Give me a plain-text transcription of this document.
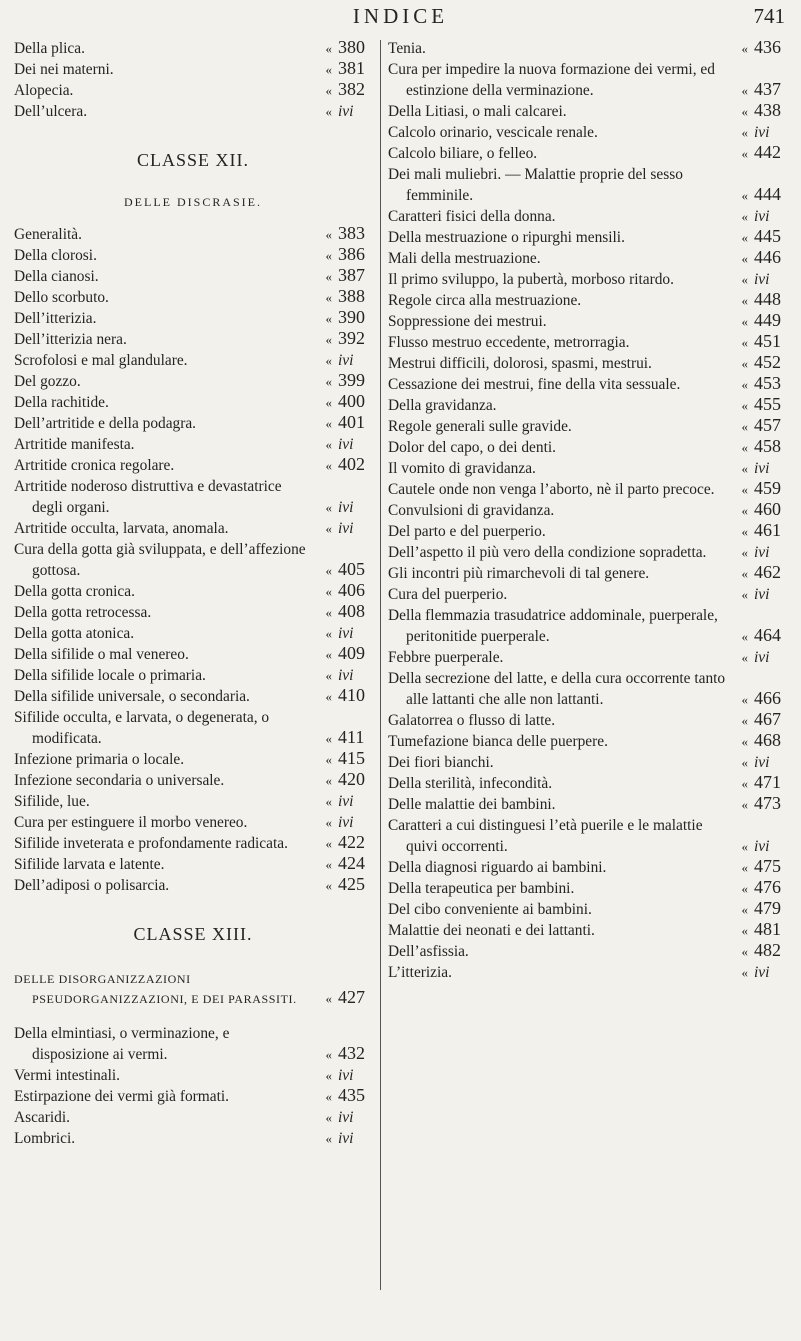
INDICE	741
Della plica.	« 380
Dei nei materni.	« 381
Alopecia.	« 382
Dell’ulcera.	« ivi
CLASSE XII.
DELLE DISCRASIE.
Generalità.	« 383
Della clorosi.	« 386
Della cianosi.	« 387
Dello scorbuto.	« 388
Dell’itterizia.	« 390
Dell’itterizia nera.	« 392
Scrofolosi e mal glandulare.	« ivi
Del gozzo.	« 399
Della rachitide.	« 400
Dell’artritide e della podagra.	« 401
Artritide manifesta.	« ivi
Artritide cronica regolare.	« 402
Artritide noderoso distruttiva e devastatrice degli organi.	« ivi
Artritide occulta, larvata, anomala.	« ivi
Cura della gotta già sviluppata, e dell’affezione gottosa.	« 405
Della gotta cronica.	« 406
Della gotta retrocessa.	« 408
Della gotta atonica.	« ivi
Della sifilide o mal venereo.	« 409
Della sifilide locale o primaria.	« ivi
Della sifilide universale, o secondaria.	« 410
Sifilide occulta, e larvata, o degenerata, o modificata.	« 411
Infezione primaria o locale.	« 415
Infezione secondaria o universale.	« 420
Sifilide, lue.	« ivi
Cura per estinguere il morbo venereo.	« ivi
Sifilide inveterata e profondamente radicata.	« 422
Sifilide larvata e latente.	« 424
Dell’adiposi o polisarcia.	« 425
CLASSE XIII.
DELLE DISORGANIZZAZIONI PSEUDORGANIZZAZIONI, E DEI PARASSITI.	« 427
Della elmintiasi, o verminazione, e disposizione ai vermi.	« 432
Vermi intestinali.	« ivi
Estirpazione dei vermi già formati.	« 435
Ascaridi.	« ivi
Lombrici.	« ivi
Tenia.	« 436
Cura per impedire la nuova formazione dei vermi, ed estinzione della verminazione.	« 437
Della Litiasi, o mali calcarei.	« 438
Calcolo orinario, vescicale renale.	« ivi
Calcolo biliare, o felleo.	« 442
Dei mali muliebri. — Malattie proprie del sesso femminile.	« 444
Caratteri fisici della donna.	« ivi
Della mestruazione o ripurghi mensili.	« 445
Mali della mestruazione.	« 446
Il primo sviluppo, la pubertà, morboso ritardo.	« ivi
Regole circa alla mestruazione.	« 448
Soppressione dei mestrui.	« 449
Flusso mestruo eccedente, metrorragia.	« 451
Mestrui difficili, dolorosi, spasmi, mestrui.	« 452
Cessazione dei mestrui, fine della vita sessuale.	« 453
Della gravidanza.	« 455
Regole generali sulle gravide.	« 457
Dolor del capo, o dei denti.	« 458
Il vomito di gravidanza.	« ivi
Cautele onde non venga l’aborto, nè il parto precoce.	« 459
Convulsioni di gravidanza.	« 460
Del parto e del puerperio.	« 461
Dell’aspetto il più vero della condizione sopradetta.	« ivi
Gli incontri più rimarchevoli di tal genere.	« 462
Cura del puerperio.	« ivi
Della flemmazia trasudatrice addominale, puerperale, peritonitide puerperale.	« 464
Febbre puerperale.	« ivi
Della secrezione del latte, e della cura occorrente tanto alle lattanti che alle non lattanti.	« 466
Galatorrea o flusso di latte.	« 467
Tumefazione bianca delle puerpere.	« 468
Dei fiori bianchi.	« ivi
Della sterilità, infecondità.	« 471
Delle malattie dei bambini.	« 473
Caratteri a cui distinguesi l’età puerile e le malattie quivi occorrenti.	« ivi
Della diagnosi riguardo ai bambini.	« 475
Della terapeutica per bambini.	« 476
Del cibo conveniente ai bambini.	« 479
Malattie dei neonati e dei lattanti.	« 481
Dell’asfissia.	« 482
L’itterizia.	« ivi
